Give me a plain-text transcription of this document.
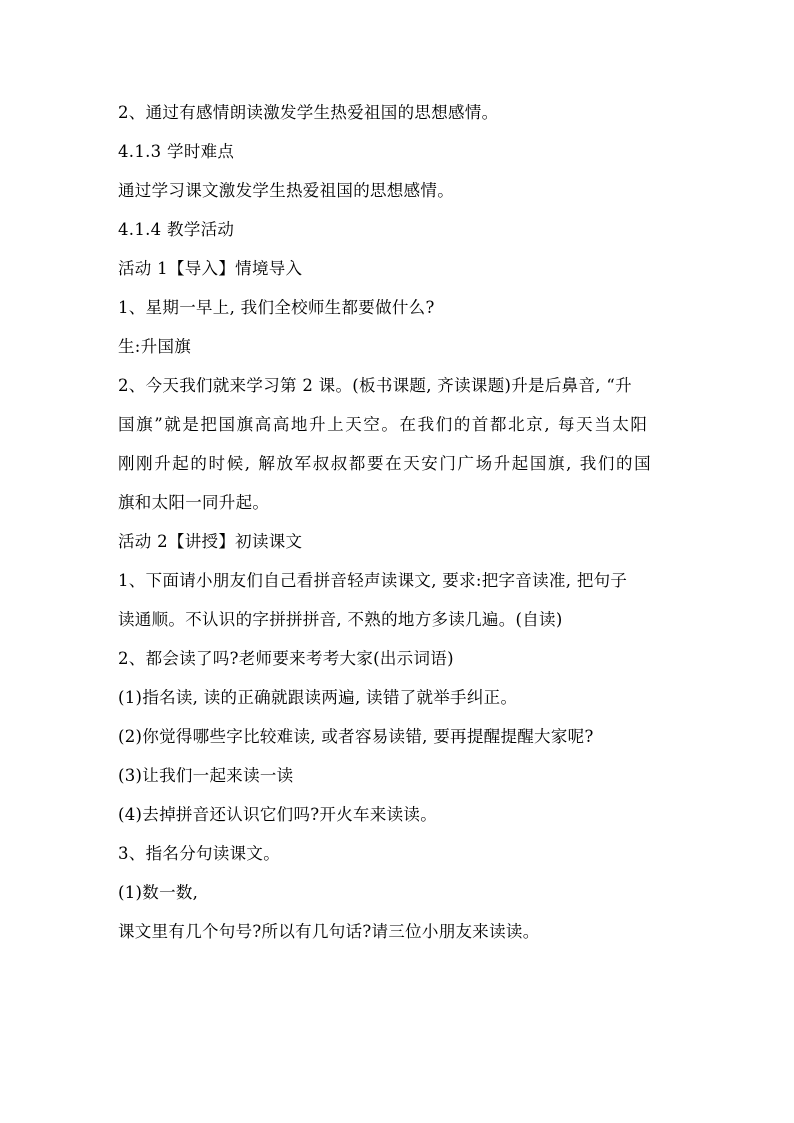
2、通过有感情朗读激发学生热爱祖国的思想感情。
4.1.3 学时难点
通过学习课文激发学生热爱祖国的思想感情。
4.1.4 教学活动
活动 1【导入】情境导入
1、星期一早上, 我们全校师生都要做什么?
生:升国旗
2、今天我们就来学习第 2 课。(板书课题, 齐读课题)升是后鼻音, “升
国旗”就是把国旗高高地升上天空。在我们的首都北京, 每天当太阳
刚刚升起的时候, 解放军叔叔都要在天安门广场升起国旗, 我们的国
旗和太阳一同升起。
活动 2【讲授】初读课文
1、下面请小朋友们自己看拼音轻声读课文, 要求:把字音读准, 把句子
读通顺。不认识的字拼拼拼音, 不熟的地方多读几遍。(自读)
2、都会读了吗?老师要来考考大家(出示词语)
(1)指名读, 读的正确就跟读两遍, 读错了就举手纠正。
(2)你觉得哪些字比较难读, 或者容易读错, 要再提醒提醒大家呢?
(3)让我们一起来读一读
(4)去掉拼音还认识它们吗?开火车来读读。
3、指名分句读课文。
(1)数一数,
课文里有几个句号?所以有几句话?请三位小朋友来读读。
